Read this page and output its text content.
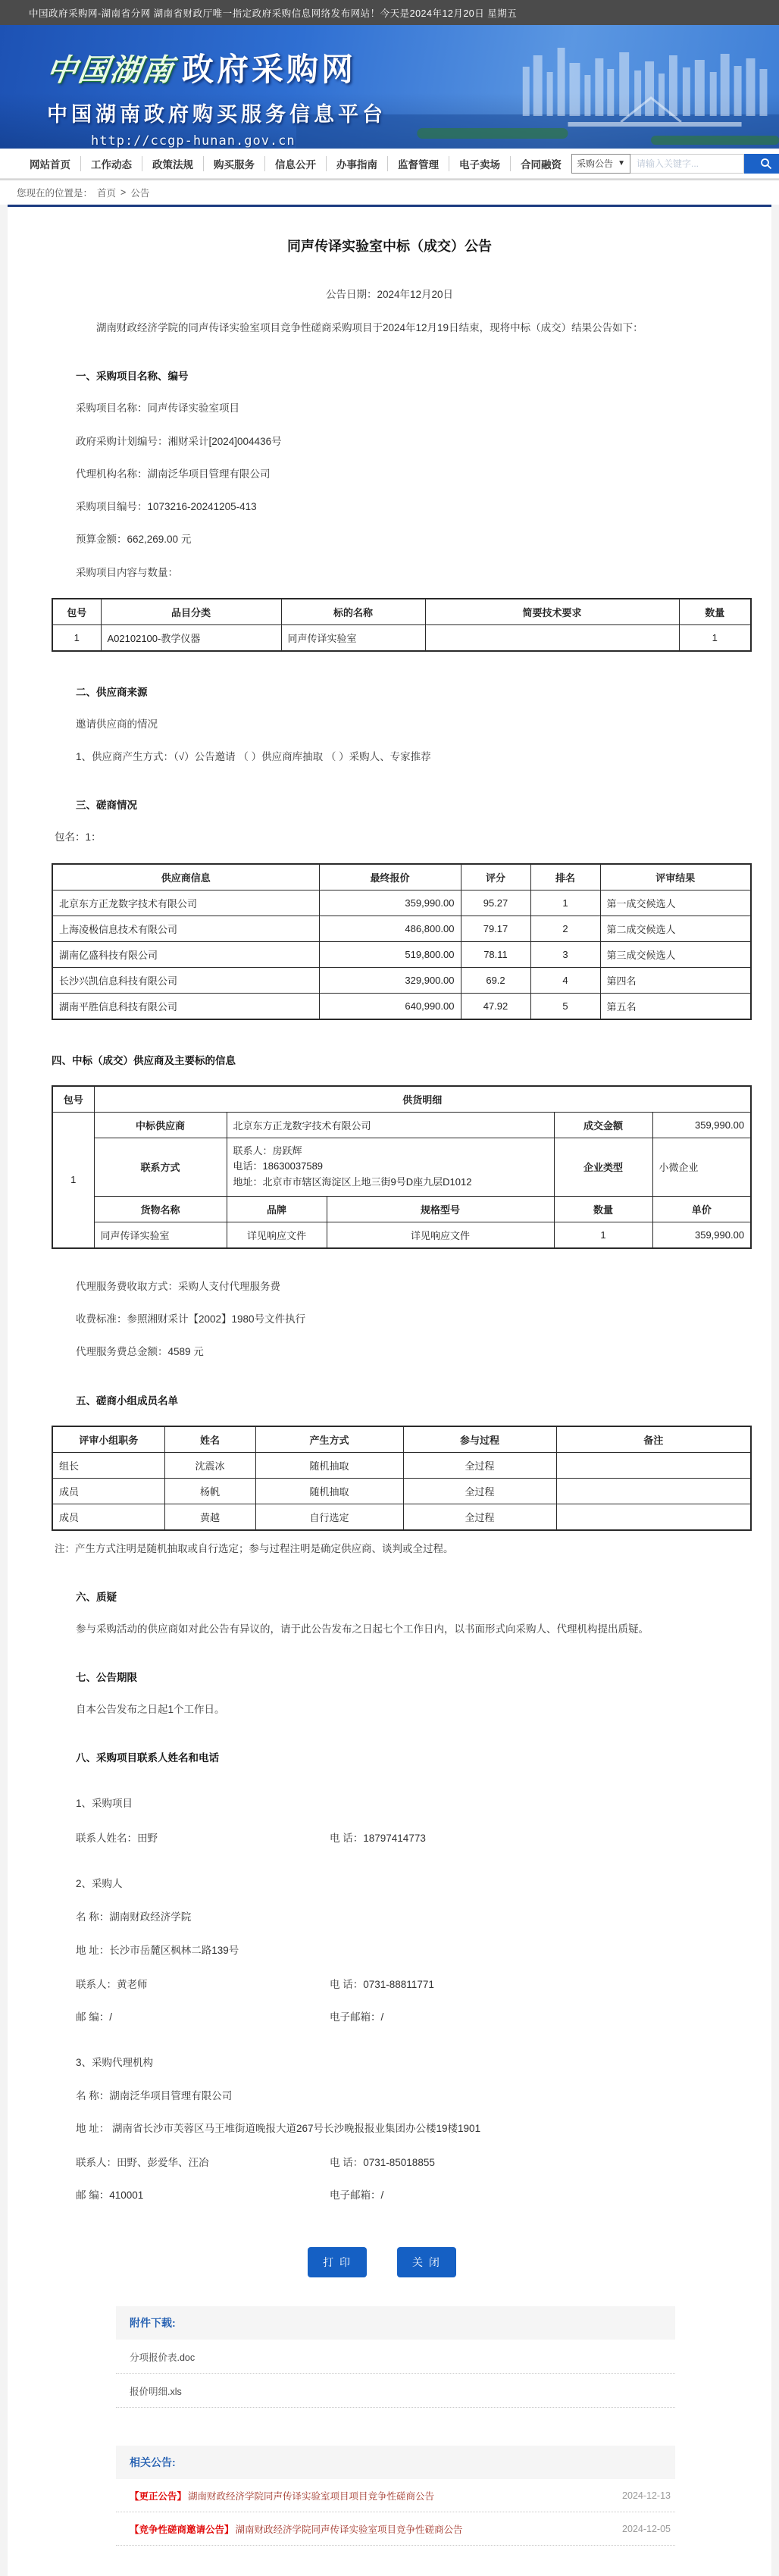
中国政府采购网-湖南省分网 湖南省财政厅唯一指定政府采购信息网络发布网站！今天是2024年12月20日 星期五
中国湖南 政府采购网
中国湖南政府购买服务信息平台
http://ccgp-hunan.gov.cn
网站首页	工作动态	政策法规	购买服务	信息公开	办事指南	监督管理	电子卖场	合同融资	采购公告 ▼
请输入关键字...
您现在的位置是： 首页 > 公告
同声传译实验室中标（成交）公告
公告日期：2024年12月20日

湖南财政经济学院的同声传译实验室项目竞争性磋商采购项目于2024年12月19日结束，现将中标（成交）结果公告如下：

一、采购项目名称、编号

采购项目名称：同声传译实验室项目

政府采购计划编号：湘财采计[2024]004436号

代理机构名称：湖南泛华项目管理有限公司

采购项目编号：1073216-20241205-413

预算金额：662,269.00 元

采购项目内容与数量：

包号	品目分类	标的名称	简要技术要求	数量
1	A02102100-教学仪器	同声传译实验室		1
二、供应商来源

邀请供应商的情况

1、供应商产生方式：（√）公告邀请 （ ）供应商库抽取 （ ）采购人、专家推荐

三、磋商情况

包名：1：

供应商信息	最终报价	评分	排名	评审结果
北京东方正龙数字技术有限公司	359,990.00	95.27	1	第一成交候选人
上海凌极信息技术有限公司	486,800.00	79.17	2	第二成交候选人
湖南亿盛科技有限公司	519,800.00	78.11	3	第三成交候选人
长沙兴凯信息科技有限公司	329,900.00	69.2	4	第四名
湖南平胜信息科技有限公司	640,990.00	47.92	5	第五名
四、中标（成交）供应商及主要标的信息
包号	供货明细				
1	中标供应商	北京东方正龙数字技术有限公司		成交金额	359,990.00
	联系方式	联系人：房跃辉
电话：18630037589
地址：北京市市辖区海淀区上地三街9号D座九层D1012		企业类型	小微企业
	货物名称	品牌	规格型号	数量	单价
	同声传译实验室	详见响应文件	详见响应文件	1	359,990.00

代理服务费收取方式：采购人支付代理服务费

收费标准：参照湘财采计【2002】1980号文件执行

代理服务费总金额：4589 元

五、磋商小组成员名单
评审小组职务	姓名	产生方式	参与过程	备注
组长	沈震冰	随机抽取	全过程	
成员	杨帆	随机抽取	全过程	
成员	黄越	自行选定	全过程	

注：产生方式注明是随机抽取或自行选定；参与过程注明是确定供应商、谈判或全过程。

六、质疑

参与采购活动的供应商如对此公告有异议的，请于此公告发布之日起七个工作日内，以书面形式向采购人、代理机构提出质疑。

七、公告期限

自本公告发布之日起1个工作日。

八、采购项目联系人姓名和电话
1、采购项目
联系人姓名：田野	电 话：18797414773
2、采购人

名 称：湖南财政经济学院

地 址：长沙市岳麓区枫林二路139号

联系人：黄老师	电 话：0731-88811771
邮 编：/	电子邮箱：/
3、采购代理机构

名 称：湖南泛华项目管理有限公司

地 址： 湖南省长沙市芙蓉区马王堆街道晚报大道267号长沙晚报报业集团办公楼19楼1901

联系人：田野、彭爱华、汪冶	电 话：0731-85018855
邮 编：410001	电子邮箱：/
打 印	关 闭
附件下载:
分项报价表.doc
报价明细.xls
相关公告:
【更正公告】 湖南财政经济学院同声传译实验室项目项目竞争性磋商公告	2024-12-13
【竞争性磋商邀请公告】 湖南财政经济学院同声传译实验室项目竞争性磋商公告	2024-12-05
